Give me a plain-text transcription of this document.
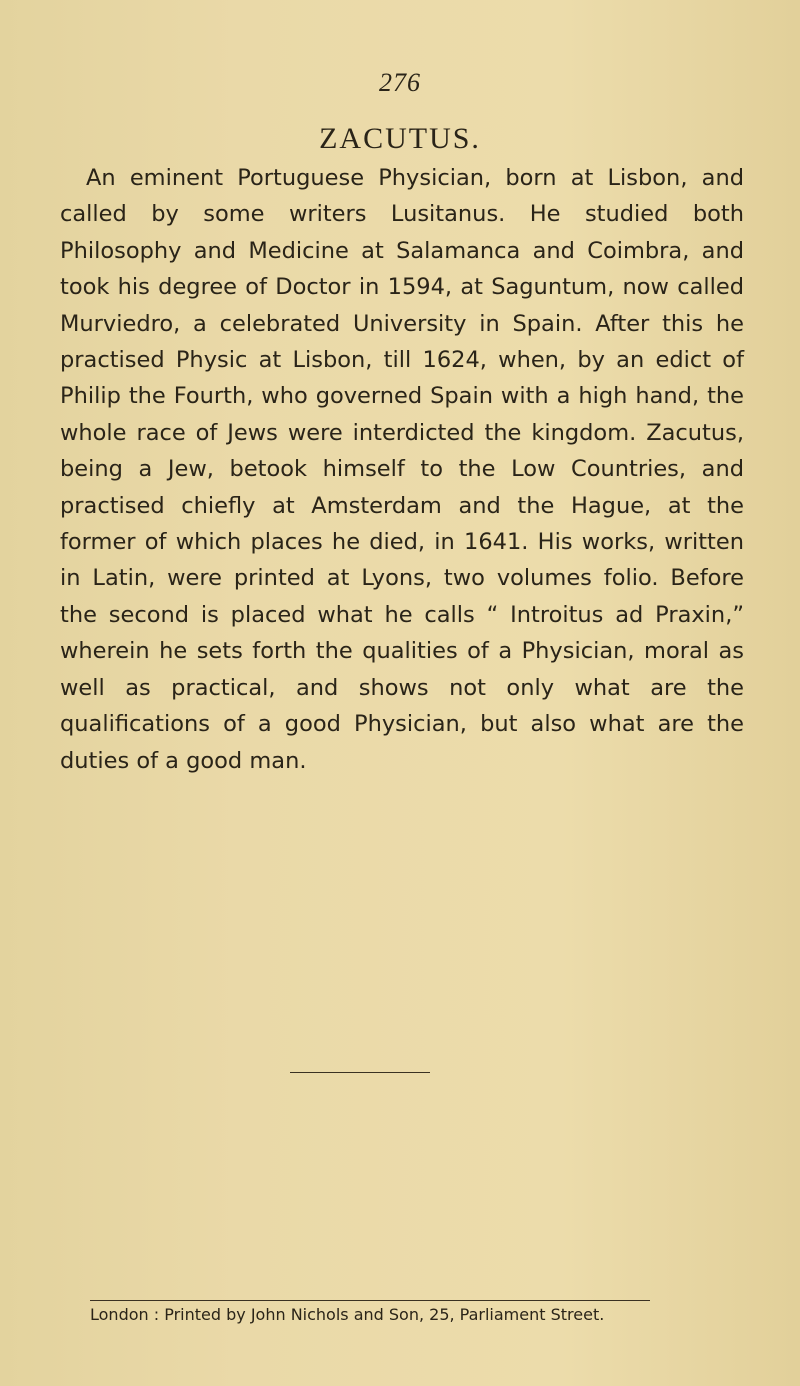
276
ZACUTUS.

An eminent Portuguese Physician, born at Lisbon, and called by some writers Lusitanus. He studied both Philosophy and Medicine at Salamanca and Coimbra, and took his degree of Doctor in 1594, at Saguntum, now called Murviedro, a celebrated University in Spain. After this he practised Physic at Lisbon, till 1624, when, by an edict of Philip the Fourth, who governed Spain with a high hand, the whole race of Jews were interdicted the kingdom. Zacutus, being a Jew, betook himself to the Low Countries, and practised chiefly at Amsterdam and the Hague, at the former of which places he died, in 1641. His works, written in Latin, were printed at Lyons, two volumes folio. Before the second is placed what he calls “ Introitus ad Praxin,” wherein he sets forth the qualities of a Physician, moral as well as practical, and shows not only what are the qualifications of a good Physician, but also what are the duties of a good man.

London : Printed by John Nichols and Son, 25, Parliament Street.
